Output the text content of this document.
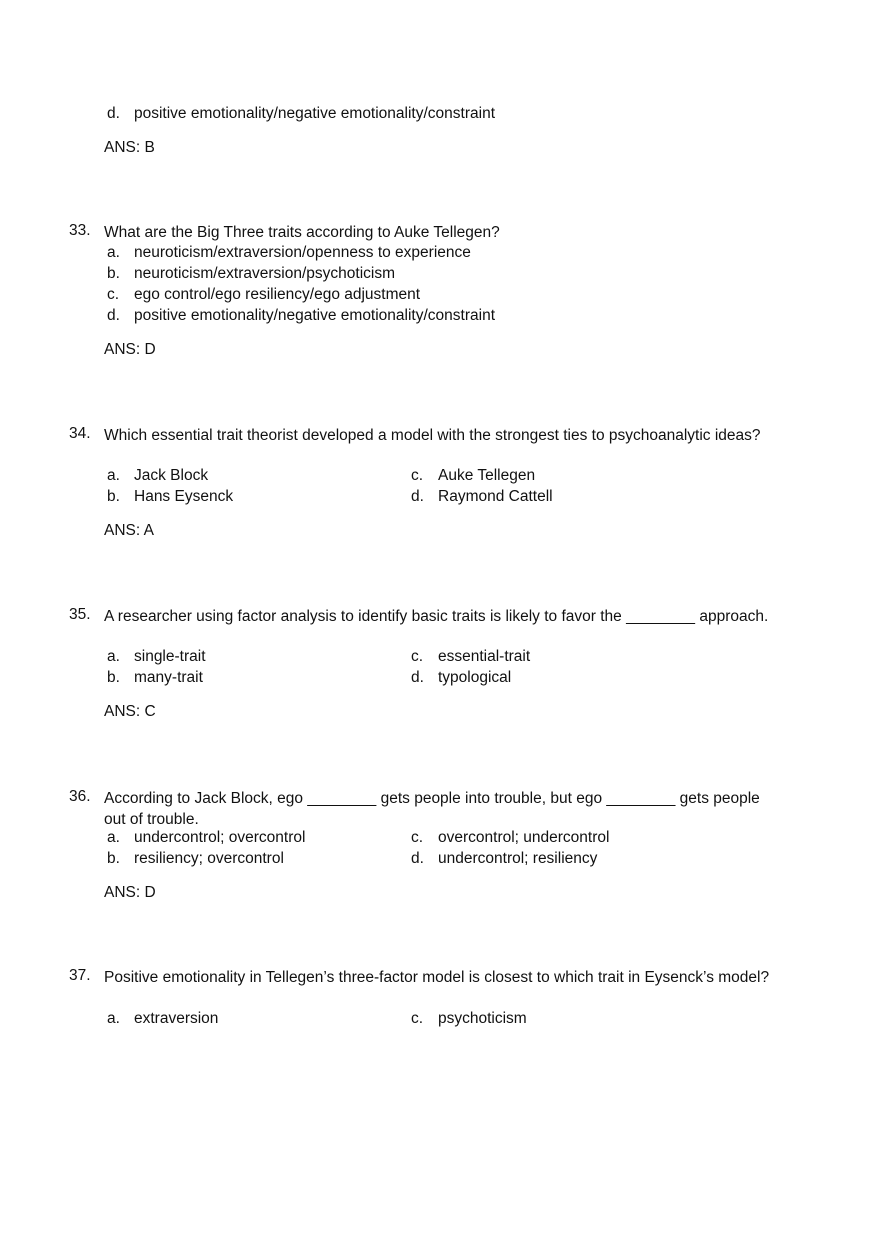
d. positive emotionality/negative emotionality/constraint
ANS: B
33. What are the Big Three traits according to Auke Tellegen?
a. neuroticism/extraversion/openness to experience
b. neuroticism/extraversion/psychoticism
c. ego control/ego resiliency/ego adjustment
d. positive emotionality/negative emotionality/constraint
ANS: D
34. Which essential trait theorist developed a model with the strongest ties to psychoanalytic ideas?
a. Jack Block	c. Auke Tellegen
b. Hans Eysenck	d. Raymond Cattell
ANS: A
35. A researcher using factor analysis to identify basic traits is likely to favor the ________ approach.
a. single-trait	c. essential-trait
b. many-trait	d. typological
ANS: C
36. According to Jack Block, ego ________ gets people into trouble, but ego ________ gets people out of trouble.
a. undercontrol; overcontrol	c. overcontrol; undercontrol
b. resiliency; overcontrol	d. undercontrol; resiliency
ANS: D
37. Positive emotionality in Tellegen’s three-factor model is closest to which trait in Eysenck’s model?
a. extraversion	c. psychoticism
